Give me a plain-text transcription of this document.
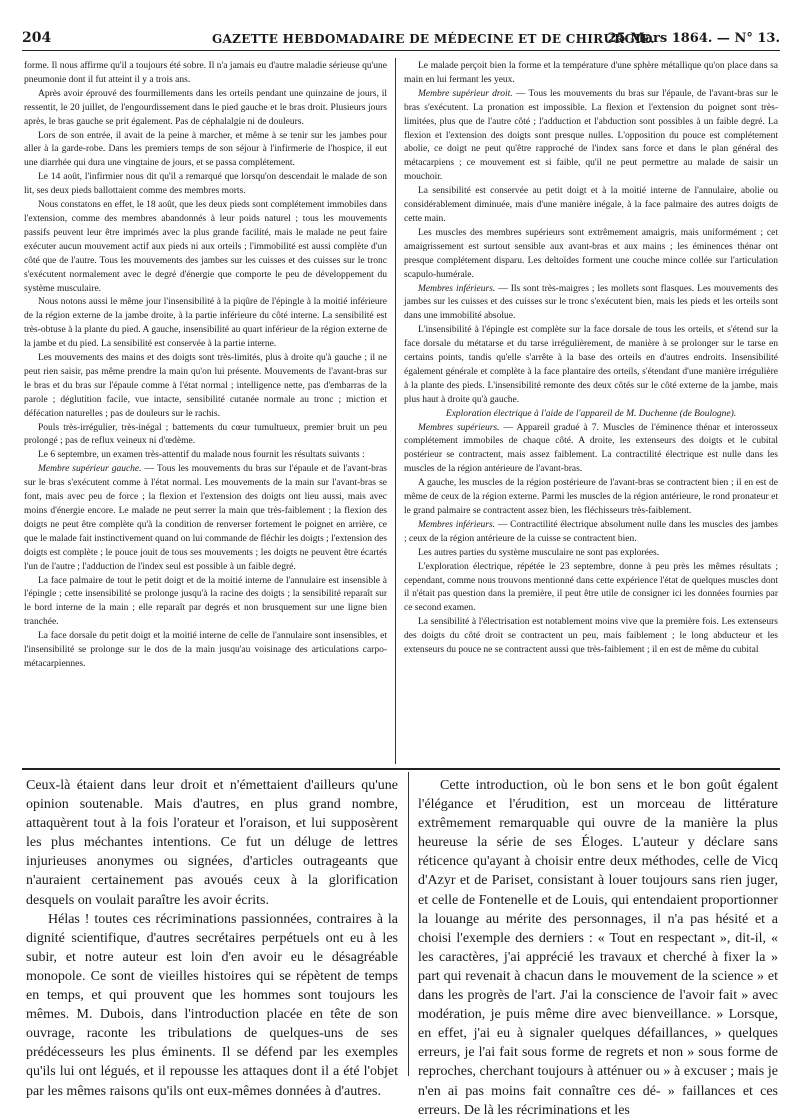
204	GAZETTE HEBDOMADAIRE DE MÉDECINE ET DE CHIRURGIE.
25 Mars 1864. — N° 13.

forme. Il nous affirme qu'il a toujours été sobre. Il n'a jamais eu d'autre maladie sérieuse qu'une pneumonie dont il fut atteint il y a trois ans.

Après avoir éprouvé des fourmillements dans les orteils pendant une quinzaine de jours, il ressentit, le 20 juillet, de l'engourdissement dans le pied gauche et le bras droit. Plusieurs jours après, le bras gauche se prit également. Pas de céphalalgie ni de douleurs.

Lors de son entrée, il avait de la peine à marcher, et même à se tenir sur les jambes pour aller à la garde-robe. Dans les premiers temps de son séjour à l'infirmerie de l'hospice, il eut une diarrhée qui dura une vingtaine de jours, et se passa complétement.

Le 14 août, l'infirmier nous dit qu'il a remarqué que lorsqu'on descendait le malade de son lit, ses deux pieds ballottaient comme des membres morts.

Nous constatons en effet, le 18 août, que les deux pieds sont complétement immobiles dans l'extension, comme des membres abandonnés à leur poids naturel ; tous les mouvements passifs peuvent leur être imprimés avec la plus grande facilité, mais le malade ne peut faire exécuter aucun mouvement actif aux pieds ni aux orteils ; l'immobilité est aussi complète d'un côté que de l'autre. Tous les mouvements des jambes sur les cuisses et des cuisses sur le tronc s'exécutent normalement avec le degré d'énergie que comporte le peu de développement du système musculaire.

Nous notons aussi le même jour l'insensibilité à la piqûre de l'épingle à la moitié inférieure de la région externe de la jambe droite, à la partie inférieure du côté interne. La sensibilité est très-obtuse à la plante du pied. A gauche, insensibilité au quart inférieur de la région externe de la jambe et du pied. La sensibilité est conservée à la partie interne.

Les mouvements des mains et des doigts sont très-limités, plus à droite qu'à gauche ; il ne peut rien saisir, pas même prendre la main qu'on lui présente. Mouvements de l'avant-bras sur le bras et du bras sur l'épaule comme à l'état normal ; intelligence nette, pas d'embarras de la parole ; déglutition facile, vue intacte, sensibilité cutanée normale au tronc ; miction et défécation naturelles ; pas de douleurs sur le rachis.

Pouls très-irrégulier, très-inégal ; battements du cœur tumultueux, premier bruit un peu prolongé ; pas de reflux veineux ni d'œdème.

Le 6 septembre, un examen très-attentif du malade nous fournit les résultats suivants :

Membre supérieur gauche. — Tous les mouvements du bras sur l'épaule et de l'avant-bras sur le bras s'exécutent comme à l'état normal. Les mouvements de la main sur l'avant-bras se font, mais avec peu de force ; la flexion et l'extension des doigts ont lieu aussi, mais avec moins d'énergie encore. Le malade ne peut serrer la main que très-faiblement ; la flexion des doigts ne peut être complète qu'à la condition de renverser fortement le poignet en arrière, ce que le malade fait instinctivement quand on lui commande de fléchir les doigts ; l'extension des doigts est complète ; le pouce jouit de tous ses mouvements ; les doigts ne peuvent être écartés l'un de l'autre ; l'adduction de l'index seul est possible à un faible degré.

La face palmaire de tout le petit doigt et de la moitié interne de l'annulaire est insensible à l'épingle ; cette insensibilité se prolonge jusqu'à la racine des doigts ; la sensibilité reparaît sur le bord interne de la main ; elle reparaît par degrés et non brusquement sur une ligne bien tranchée.

La face dorsale du petit doigt et la moitié interne de celle de l'annulaire sont insensibles, et l'insensibilité se prolonge sur le dos de la main jusqu'au voisinage des articulations carpo-métacarpiennes.

Le malade perçoit bien la forme et la température d'une sphère métallique qu'on place dans sa main en lui fermant les yeux.

Membre supérieur droit. — Tous les mouvements du bras sur l'épaule, de l'avant-bras sur le bras s'exécutent. La pronation est impossible. La flexion et l'extension du poignet sont très-limitées, plus que de l'autre côté ; l'adduction et l'abduction sont possibles à un faible degré. La flexion et l'extension des doigts sont presque nulles. L'opposition du pouce est complétement abolie, ce doigt ne peut qu'être rapproché de l'index sans force et dans le plan général des métacarpiens ; ce mouvement est si faible, qu'il ne peut permettre au malade de saisir un mouchoir.

La sensibilité est conservée au petit doigt et à la moitié interne de l'annulaire, abolie ou considérablement diminuée, mais d'une manière inégale, à la face palmaire des autres doigts de cette main.

Les muscles des membres supérieurs sont extrêmement amaigris, mais uniformément ; cet amaigrissement est surtout sensible aux avant-bras et aux mains ; les éminences thénar ont presque complétement disparu. Les deltoïdes forment une couche mince collée sur l'articulation scapulo-humérale.

Membres inférieurs. — Ils sont très-maigres ; les mollets sont flasques. Les mouvements des jambes sur les cuisses et des cuisses sur le tronc s'exécutent bien, mais les pieds et les orteils sont dans une immobilité absolue.

L'insensibilité à l'épingle est complète sur la face dorsale de tous les orteils, et s'étend sur la face dorsale du métatarse et du tarse irrégulièrement, de manière à se prolonger sur le tarse en certains points, tandis qu'elle s'arrête à la base des orteils en d'autres endroits. Insensibilité également générale et complète à la face plantaire des orteils, s'étendant d'une manière irrégulière à la plante des pieds. L'insensibilité remonte des deux côtés sur le côté externe de la jambe, mais plus haut à droite qu'à gauche.

Exploration électrique à l'aide de l'appareil de M. Duchenne (de Boulogne).

Membres supérieurs. — Appareil gradué à 7. Muscles de l'éminence thénar et interosseux complétement immobiles de chaque côté. A droite, les extenseurs des doigts et le cubital postérieur se contractent, mais assez faiblement. La contractilité électrique est nulle dans les muscles de la région antérieure de l'avant-bras.

A gauche, les muscles de la région postérieure de l'avant-bras se contractent bien ; il en est de même de ceux de la région externe. Parmi les muscles de la région antérieure, le rond pronateur et le grand palmaire se contractent assez bien, les fléchisseurs très-faiblement.

Membres inférieurs. — Contractilité électrique absolument nulle dans les muscles des jambes ; ceux de la région antérieure de la cuisse se contractent bien.

Les autres parties du système musculaire ne sont pas explorées.

L'exploration électrique, répétée le 23 septembre, donne à peu près les mêmes résultats ; cependant, comme nous trouvons mentionné dans cette expérience l'état de quelques muscles dont il n'était pas question dans la première, il peut être utile de consigner ici les données fournies par ce second examen.

La sensibilité à l'électrisation est notablement moins vive que la première fois. Les extenseurs des doigts du côté droit se contractent un peu, mais faiblement ; le long abducteur et les extenseurs du pouce ne se contractent aussi que très-faiblement ; il en est de même du cubital

Ceux-là étaient dans leur droit et n'émettaient d'ailleurs qu'une opinion soutenable. Mais d'autres, en plus grand nombre, attaquèrent tout à la fois l'orateur et l'oraison, et lui supposèrent les plus méchantes intentions. Ce fut un déluge de lettres injurieuses anonymes ou signées, d'articles outrageants que n'auraient certainement pas avoués ceux à la glorification desquels on voulait paraître les avoir écrits.

Hélas ! toutes ces récriminations passionnées, contraires à la dignité scientifique, d'autres secrétaires perpétuels ont eu à les subir, et notre auteur est loin d'en avoir eu le désagréable monopole. Ce sont de vieilles histoires qui se répètent de temps en temps, et qui prouvent que les hommes sont toujours les mêmes. M. Dubois, dans l'introduction placée en tête de son ouvrage, raconte les tribulations de quelques-uns de ses prédécesseurs les plus éminents. Il se défend par les exemples qu'ils lui ont légués, et il repousse les attaques dont il a été l'objet par les mêmes raisons qu'ils ont eux-mêmes données à d'autres.

Cette introduction, où le bon sens et le bon goût égalent l'élégance et l'érudition, est un morceau de littérature extrêmement remarquable qui ouvre de la manière la plus heureuse la série de ses Éloges. L'auteur y déclare sans réticence qu'ayant à choisir entre deux méthodes, celle de Vicq d'Azyr et de Pariset, consistant à louer toujours sans rien juger, et celle de Fontenelle et de Louis, qui entendaient proportionner la louange au mérite des personnages, il n'a pas hésité et a choisi l'exemple des derniers : « Tout en respectant », dit-il, « les caractères, j'ai apprécié les travaux et cherché à fixer la » part qui revenait à chacun dans le mouvement de la science » et dans les progrès de l'art. J'ai la conscience de l'avoir fait » avec modération, je puis même dire avec bienveillance. » Lorsque, en effet, j'ai eu à signaler quelques défaillances, » quelques erreurs, je l'ai fait sous forme de regrets et non » sous forme de reproches, cherchant toujours à atténuer ou » à excuser ; mais je n'en ai pas moins fait connaître ces dé- » faillances et ces erreurs. De là les récriminations et les
